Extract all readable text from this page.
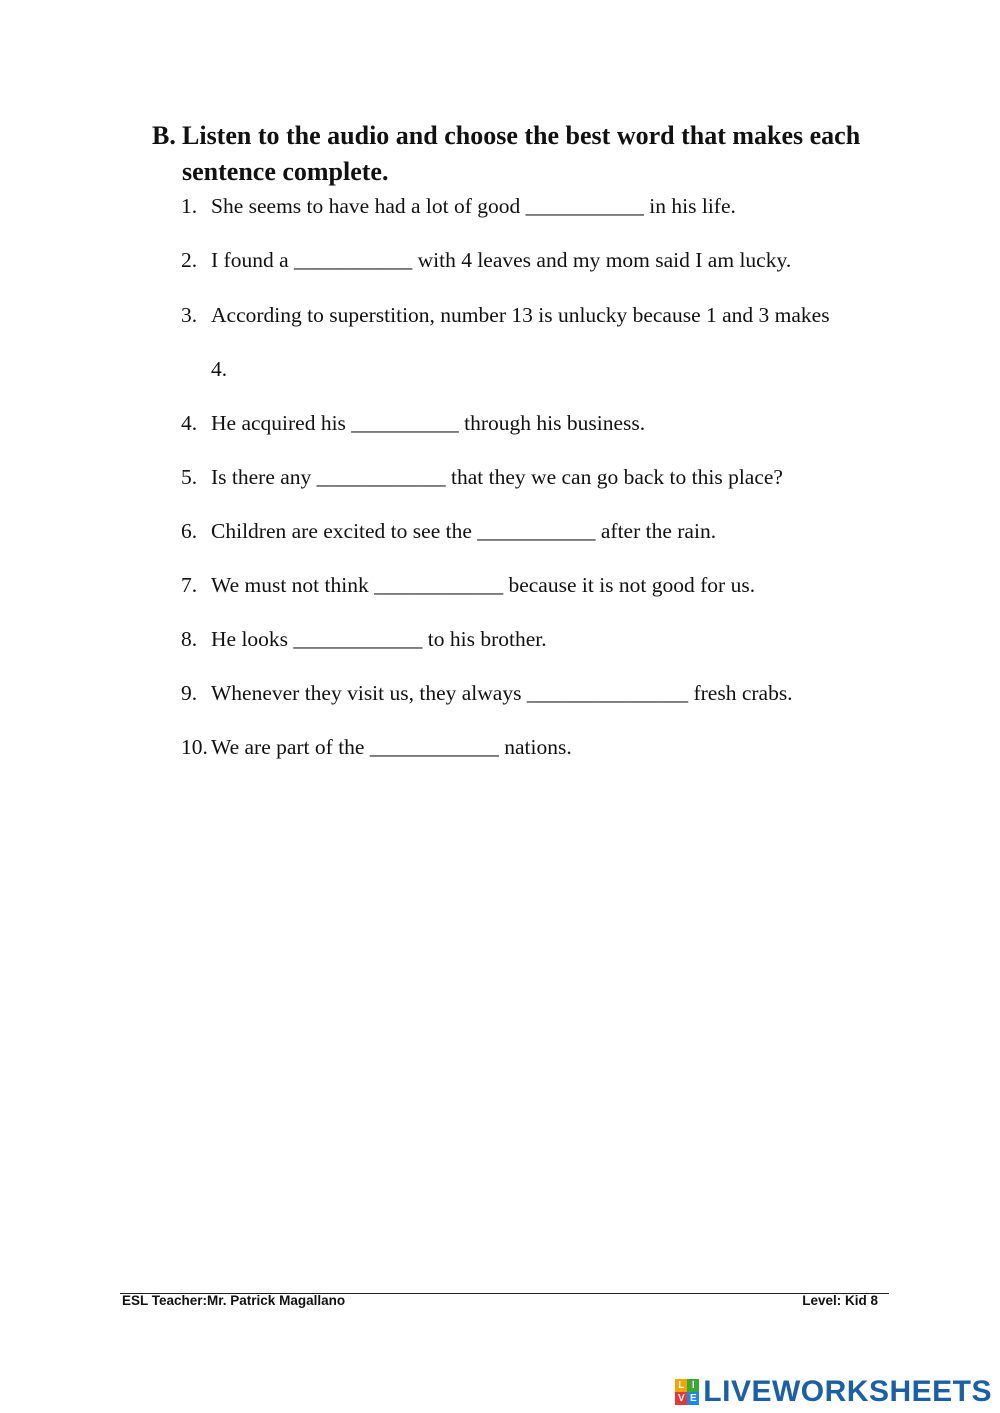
B. Listen to the audio and choose the best word that makes each sentence complete.
1. She seems to have had a lot of good ___________ in his life.
2. I found a ___________ with 4 leaves and my mom said I am lucky.
3. According to superstition, number 13 is unlucky because 1 and 3 makes
4.
4. He acquired his __________ through his business.
5. Is there any ____________ that they we can go back to this place?
6. Children are excited to see the ___________ after the rain.
7. We must not think ____________ because it is not good for us.
8. He looks ____________ to his brother.
9. Whenever they visit us, they always _______________ fresh crabs.
10. We are part of the ____________ nations.
ESL Teacher:Mr. Patrick Magallano	Level: Kid 8
L I
V E LIVEWORKSHEETS
